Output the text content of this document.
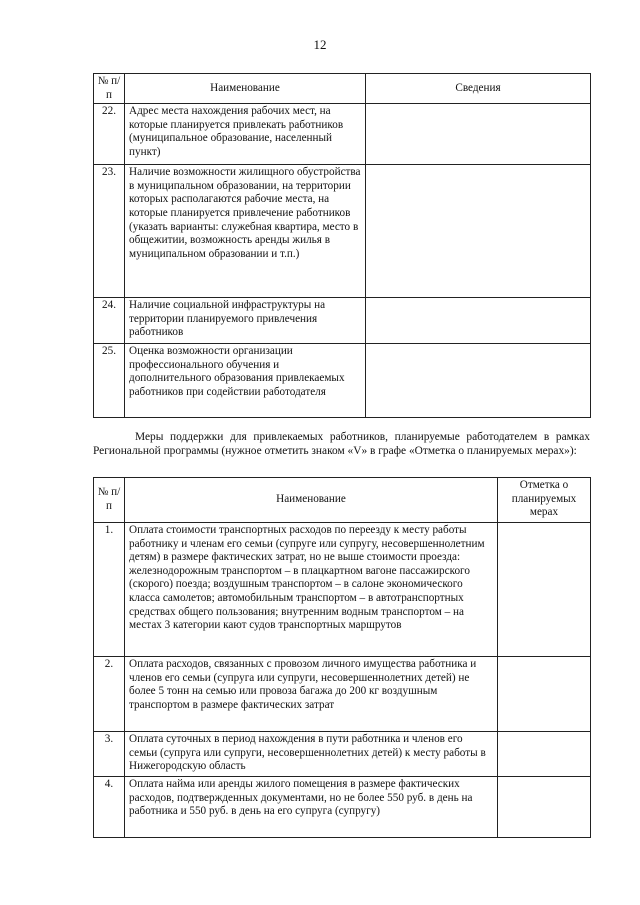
12
№ п/п	Наименование	Сведения
22.	Адрес места нахождения рабочих мест, на которые планируется привлекать работников (муниципальное образование, населенный пункт)	
23.	Наличие возможности жилищного обустройства в муниципальном образовании, на территории которых располагаются рабочие места, на которые планируется привлечение работников (указать варианты: служебная квартира, место в общежитии, возможность аренды жилья в муниципальном образовании и т.п.)	
24.	Наличие социальной инфраструктуры на территории планируемого привлечения работников	
25.	Оценка возможности организации профессионального обучения и дополнительного образования привлекаемых работников при содействии работодателя	
Меры поддержки для привлекаемых работников, планируемые работодателем в рамках Региональной программы (нужное отметить знаком «V» в графе «Отметка о планируемых мерах»):
№ п/п	Наименование	Отметка о планируемых мерах
1.	Оплата стоимости транспортных расходов по переезду к месту работы работнику и членам его семьи (супруге или супругу, несовершеннолетним детям) в размере фактических затрат, но не выше стоимости проезда: железнодорожным транспортом – в плацкартном вагоне пассажирского (скорого) поезда; воздушным транспортом – в салоне экономического класса самолетов; автомобильным транспортом – в автотранспортных средствах общего пользования; внутренним водным транспортом – на местах 3 категории кают судов транспортных маршрутов	
2.	Оплата расходов, связанных с провозом личного имущества работника и членов его семьи (супруга или супруги, несовершеннолетних детей) не более 5 тонн на семью или провоза багажа до 200 кг воздушным транспортом в размере фактических затрат	
3.	Оплата суточных в период нахождения в пути работника и членов его семьи (супруга или супруги, несовершеннолетних детей) к месту работы в Нижегородскую область	
4.	Оплата найма или аренды жилого помещения в размере фактических расходов, подтвержденных документами, но не более 550 руб. в день на работника и 550 руб. в день на его супруга (супругу)	
